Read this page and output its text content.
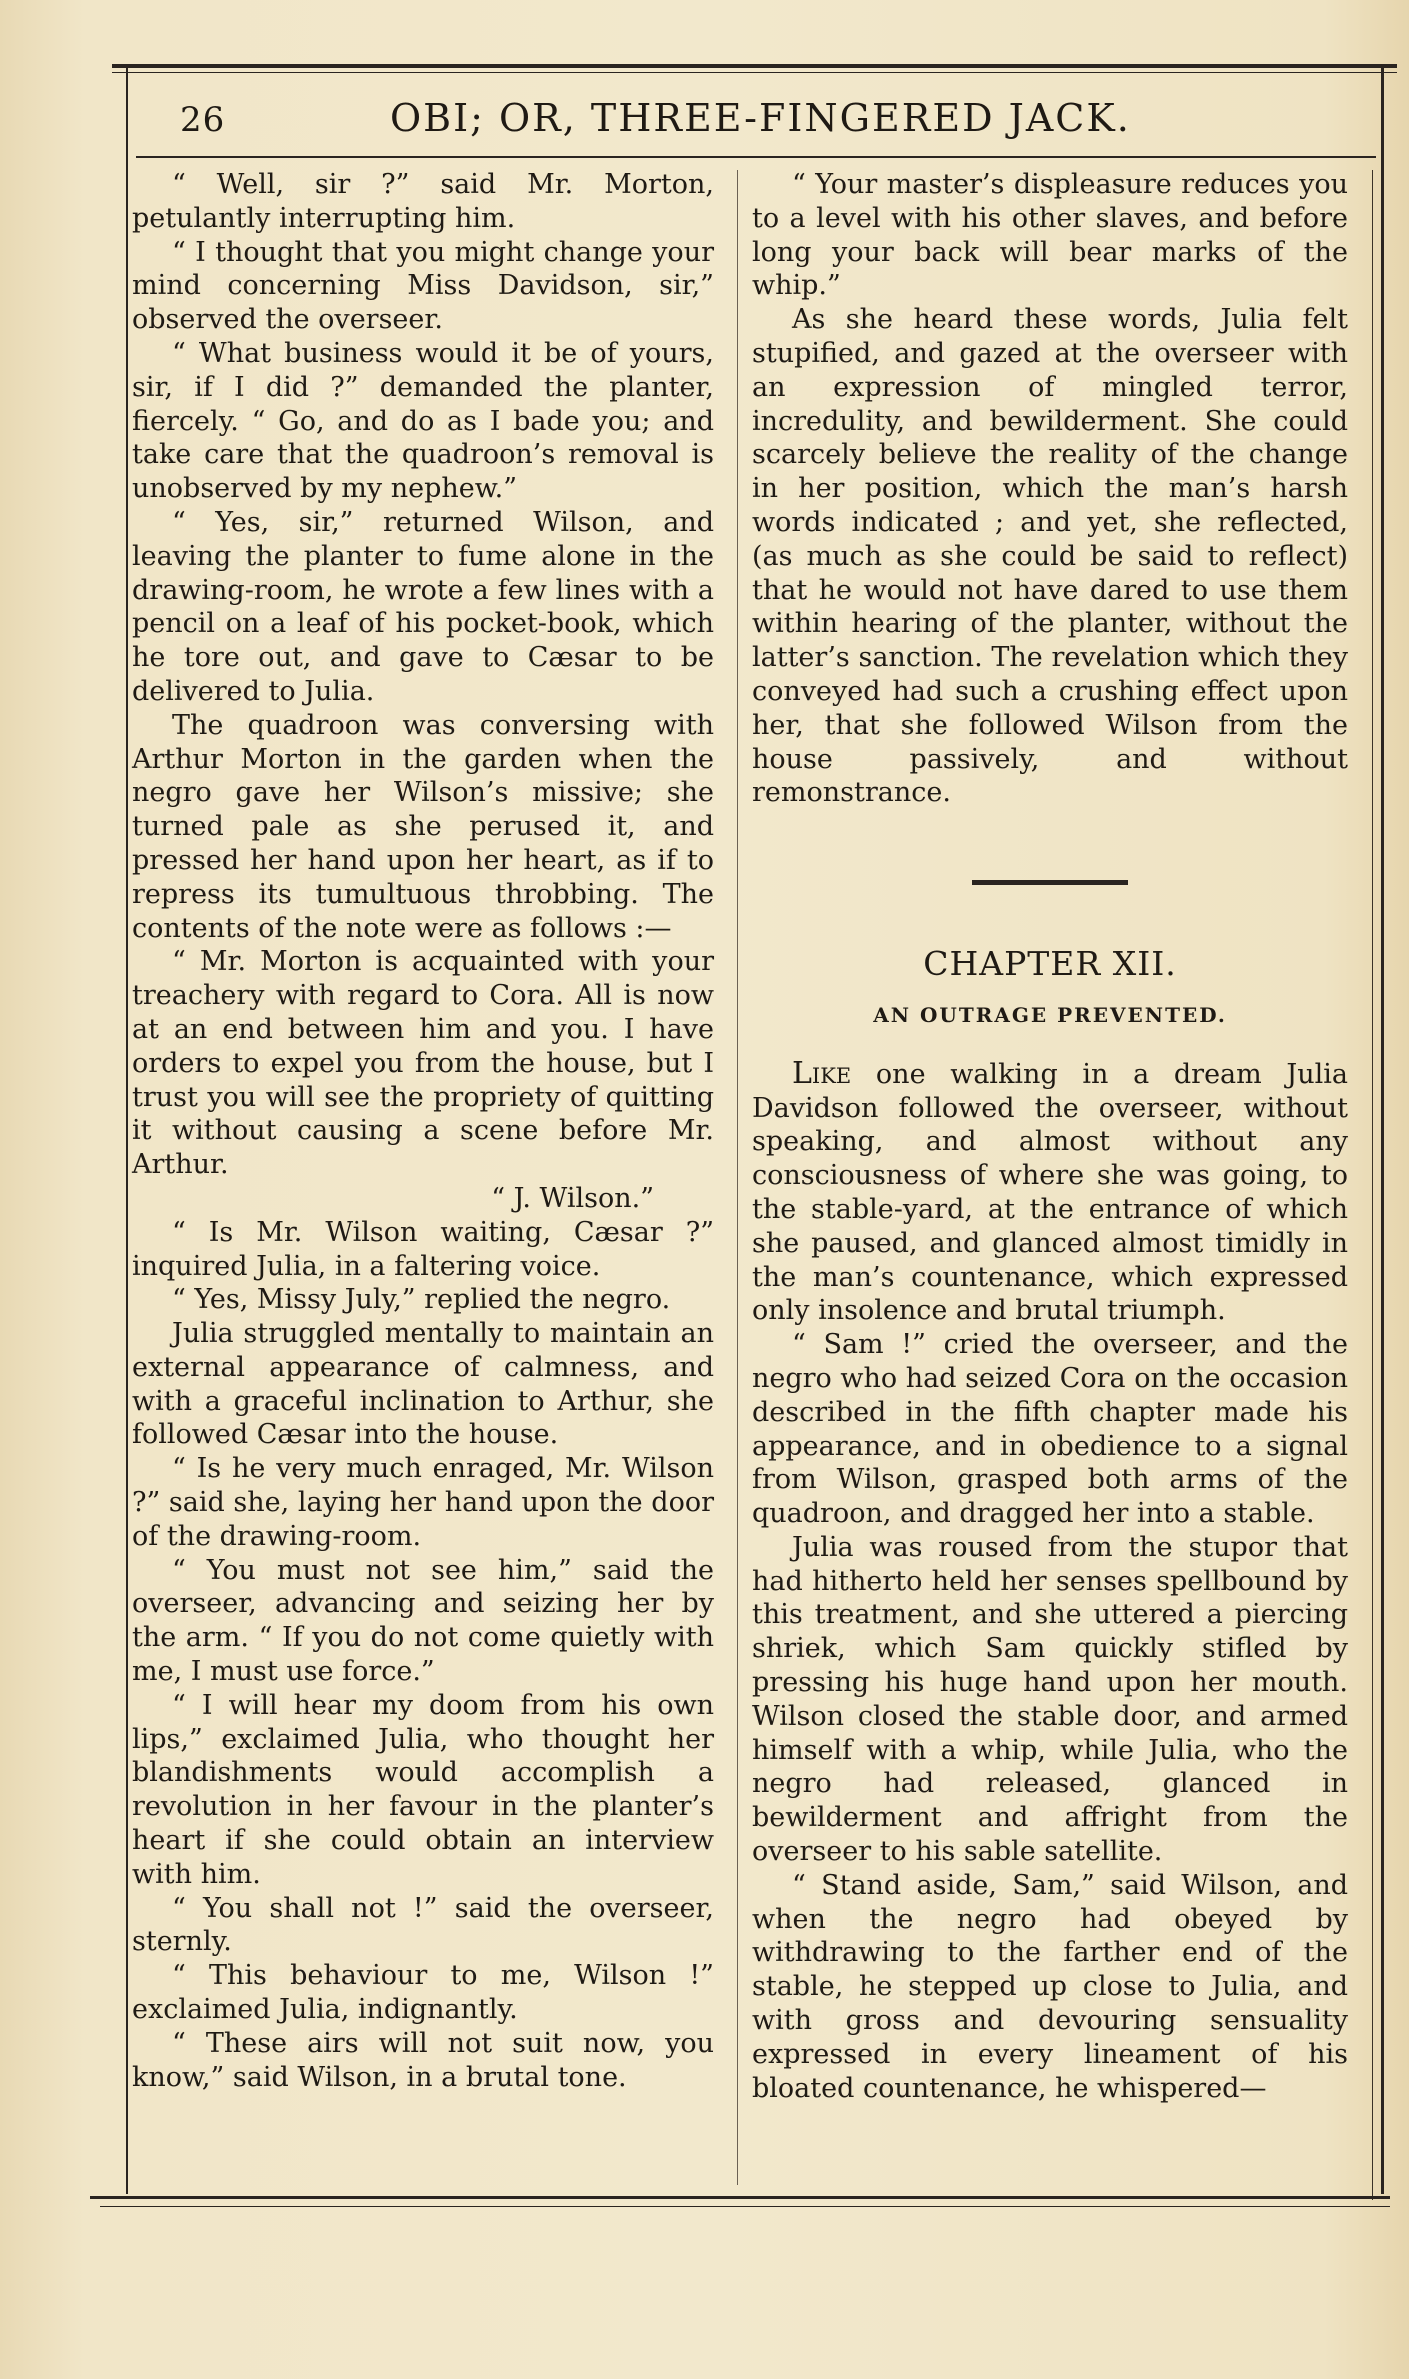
26	OBI; OR, THREE-FINGERED JACK.

“ Well, sir ?” said Mr. Morton, petulantly interrupting him.

“ I thought that you might change your mind concerning Miss Davidson, sir,” observed the overseer.

“ What business would it be of yours, sir, if I did ?” demanded the planter, fiercely. “ Go, and do as I bade you; and take care that the quadroon’s removal is unobserved by my nephew.”

“ Yes, sir,” returned Wilson, and leaving the planter to fume alone in the drawing-room, he wrote a few lines with a pencil on a leaf of his pocket-book, which he tore out, and gave to Cæsar to be delivered to Julia.

The quadroon was conversing with Arthur Morton in the garden when the negro gave her Wilson’s missive; she turned pale as she perused it, and pressed her hand upon her heart, as if to repress its tumultuous throbbing. The contents of the note were as follows :—

“ Mr. Morton is acquainted with your treachery with regard to Cora. All is now at an end between him and you. I have orders to expel you from the house, but I trust you will see the propriety of quitting it without causing a scene before Mr. Arthur.

“ J. Wilson.”

“ Is Mr. Wilson waiting, Cæsar ?” inquired Julia, in a faltering voice.

“ Yes, Missy July,” replied the negro.

Julia struggled mentally to maintain an external appearance of calmness, and with a graceful inclination to Arthur, she followed Cæsar into the house.

“ Is he very much enraged, Mr. Wilson ?” said she, laying her hand upon the door of the drawing-room.

“ You must not see him,” said the overseer, advancing and seizing her by the arm. “ If you do not come quietly with me, I must use force.”

“ I will hear my doom from his own lips,” exclaimed Julia, who thought her blandishments would accomplish a revolution in her favour in the planter’s heart if she could obtain an interview with him.

“ You shall not !” said the overseer, sternly.

“ This behaviour to me, Wilson !” exclaimed Julia, indignantly.

“ These airs will not suit now, you know,” said Wilson, in a brutal tone.

“ Your master’s displeasure reduces you to a level with his other slaves, and before long your back will bear marks of the whip.”

As she heard these words, Julia felt stupified, and gazed at the overseer with an expression of mingled terror, incredulity, and bewilderment. She could scarcely believe the reality of the change in her position, which the man’s harsh words indicated ; and yet, she reflected, (as much as she could be said to reflect) that he would not have dared to use them within hearing of the planter, without the latter’s sanction. The revelation which they conveyed had such a crushing effect upon her, that she followed Wilson from the house passively, and without remonstrance.

CHAPTER XII.
AN OUTRAGE PREVENTED.

Like one walking in a dream Julia Davidson followed the overseer, without speaking, and almost without any consciousness of where she was going, to the stable-yard, at the entrance of which she paused, and glanced almost timidly in the man’s countenance, which expressed only insolence and brutal triumph.

“ Sam !” cried the overseer, and the negro who had seized Cora on the occasion described in the fifth chapter made his appearance, and in obedience to a signal from Wilson, grasped both arms of the quadroon, and dragged her into a stable.

Julia was roused from the stupor that had hitherto held her senses spellbound by this treatment, and she uttered a piercing shriek, which Sam quickly stifled by pressing his huge hand upon her mouth. Wilson closed the stable door, and armed himself with a whip, while Julia, who the negro had released, glanced in bewilderment and affright from the overseer to his sable satellite.

“ Stand aside, Sam,” said Wilson, and when the negro had obeyed by withdrawing to the farther end of the stable, he stepped up close to Julia, and with gross and devouring sensuality expressed in every lineament of his bloated countenance, he whispered—
